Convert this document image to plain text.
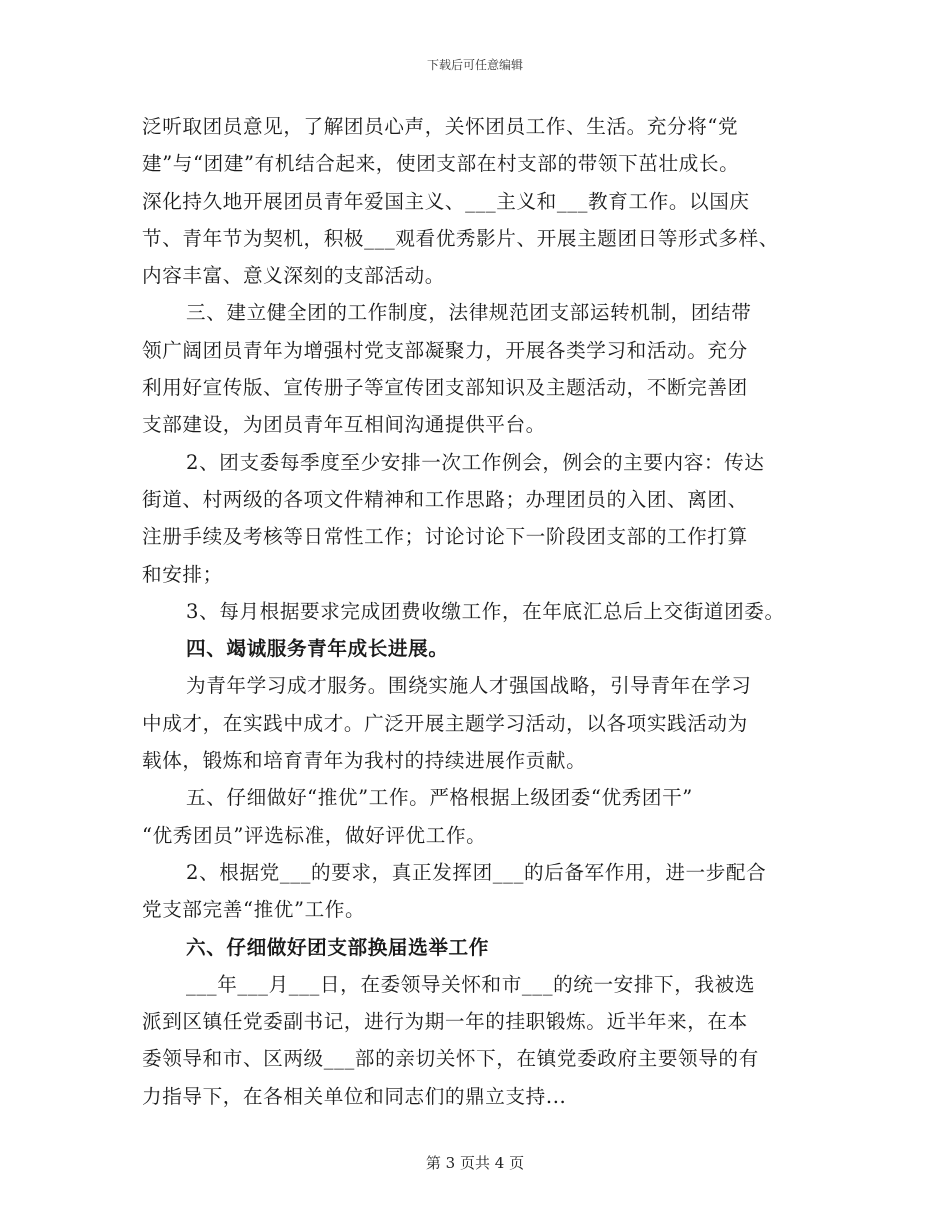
下载后可任意编辑
泛听取团员意见，了解团员心声，关怀团员工作、生活。充分将“党
建”与“团建”有机结合起来，使团支部在村支部的带领下茁壮成长。
深化持久地开展团员青年爱国主义、___主义和___教育工作。以国庆
节、青年节为契机，积极___观看优秀影片、开展主题团日等形式多样、
内容丰富、意义深刻的支部活动。
三、建立健全团的工作制度，法律规范团支部运转机制，团结带
领广阔团员青年为增强村党支部凝聚力，开展各类学习和活动。充分
利用好宣传版、宣传册子等宣传团支部知识及主题活动，不断完善团
支部建设，为团员青年互相间沟通提供平台。
2、团支委每季度至少安排一次工作例会，例会的主要内容：传达
街道、村两级的各项文件精神和工作思路；办理团员的入团、离团、
注册手续及考核等日常性工作；讨论讨论下一阶段团支部的工作打算
和安排；
3、每月根据要求完成团费收缴工作，在年底汇总后上交街道团委。
四、竭诚服务青年成长进展。
为青年学习成才服务。围绕实施人才强国战略，引导青年在学习
中成才，在实践中成才。广泛开展主题学习活动，以各项实践活动为
载体，锻炼和培育青年为我村的持续进展作贡献。
五、仔细做好“推优”工作。严格根据上级团委“优秀团干”
“优秀团员”评选标准，做好评优工作。
2、根据党___的要求，真正发挥团___的后备军作用，进一步配合
党支部完善“推优”工作。
六、仔细做好团支部换届选举工作
___年___月___日，在委领导关怀和市___的统一安排下，我被选
派到区镇任党委副书记，进行为期一年的挂职锻炼。近半年来，在本
委领导和市、区两级___部的亲切关怀下，在镇党委政府主要领导的有
力指导下，在各相关单位和同志们的鼎立支持...
第 3 页共 4 页
